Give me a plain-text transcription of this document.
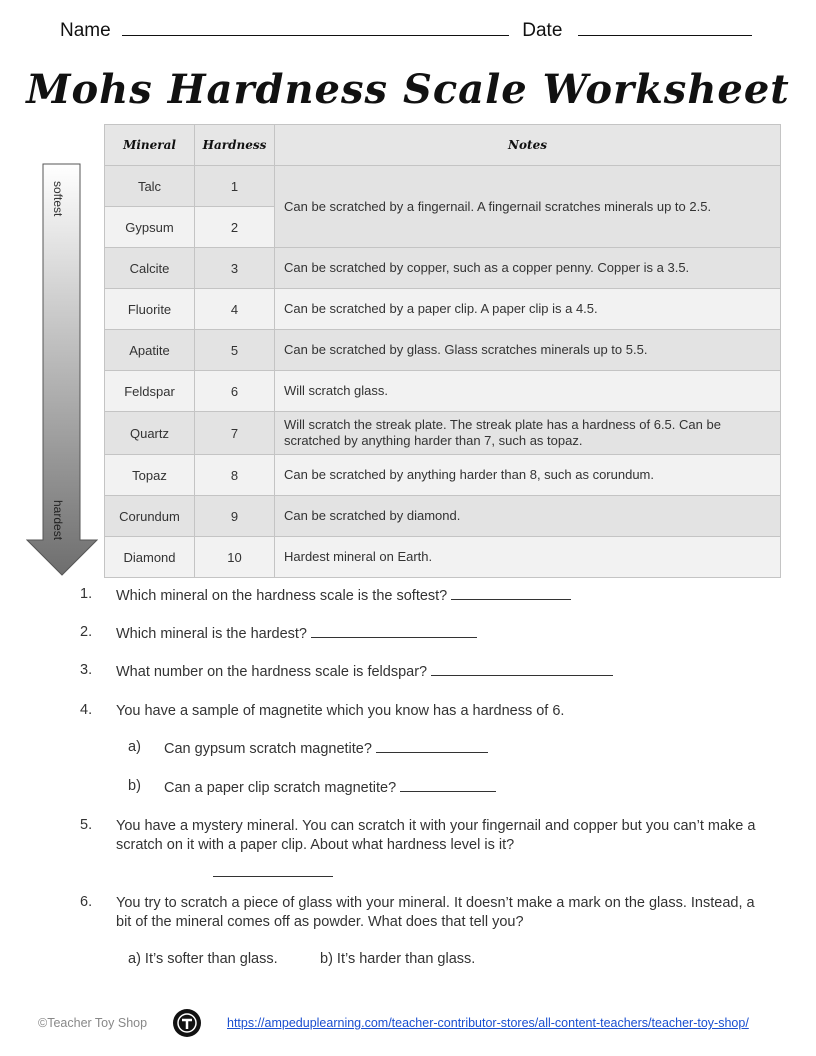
Name	Date
Mohs Hardness Scale Worksheet
softest
hardest
Mineral	Hardness	Notes
Talc	1	Can be scratched by a fingernail. A fingernail scratches minerals up to 2.5.
Gypsum	2	
Calcite	3	Can be scratched by copper, such as a copper penny. Copper is a 3.5.
Fluorite	4	Can be scratched by a paper clip. A paper clip is a 4.5.
Apatite	5	Can be scratched by glass. Glass scratches minerals up to 5.5.
Feldspar	6	Will scratch glass.
Quartz	7	Will scratch the streak plate. The streak plate has a hardness of 6.5. Can be scratched by anything harder than 7, such as topaz.
Topaz	8	Can be scratched by anything harder than 8, such as corundum.
Corundum	9	Can be scratched by diamond.
Diamond	10	Hardest mineral on Earth.
1.	Which mineral on the hardness scale is the softest?
2.	Which mineral is the hardest?
3.	What number on the hardness scale is feldspar?
4.	You have a sample of magnetite which you know has a hardness of 6.
a)	Can gypsum scratch magnetite?
b)	Can a paper clip scratch magnetite?
5.	You have a mystery mineral. You can scratch it with your fingernail and copper but you can’t make a scratch on it with a paper clip. About what hardness level is it?
6.	You try to scratch a piece of glass with your mineral. It doesn’t make a mark on the glass. Instead, a bit of the mineral comes off as powder. What does that tell you?
a) It’s softer than glass.	b) It’s harder than glass.
©Teacher Toy Shop	https://ampeduplearning.com/teacher-contributor-stores/all-content-teachers/teacher-toy-shop/
